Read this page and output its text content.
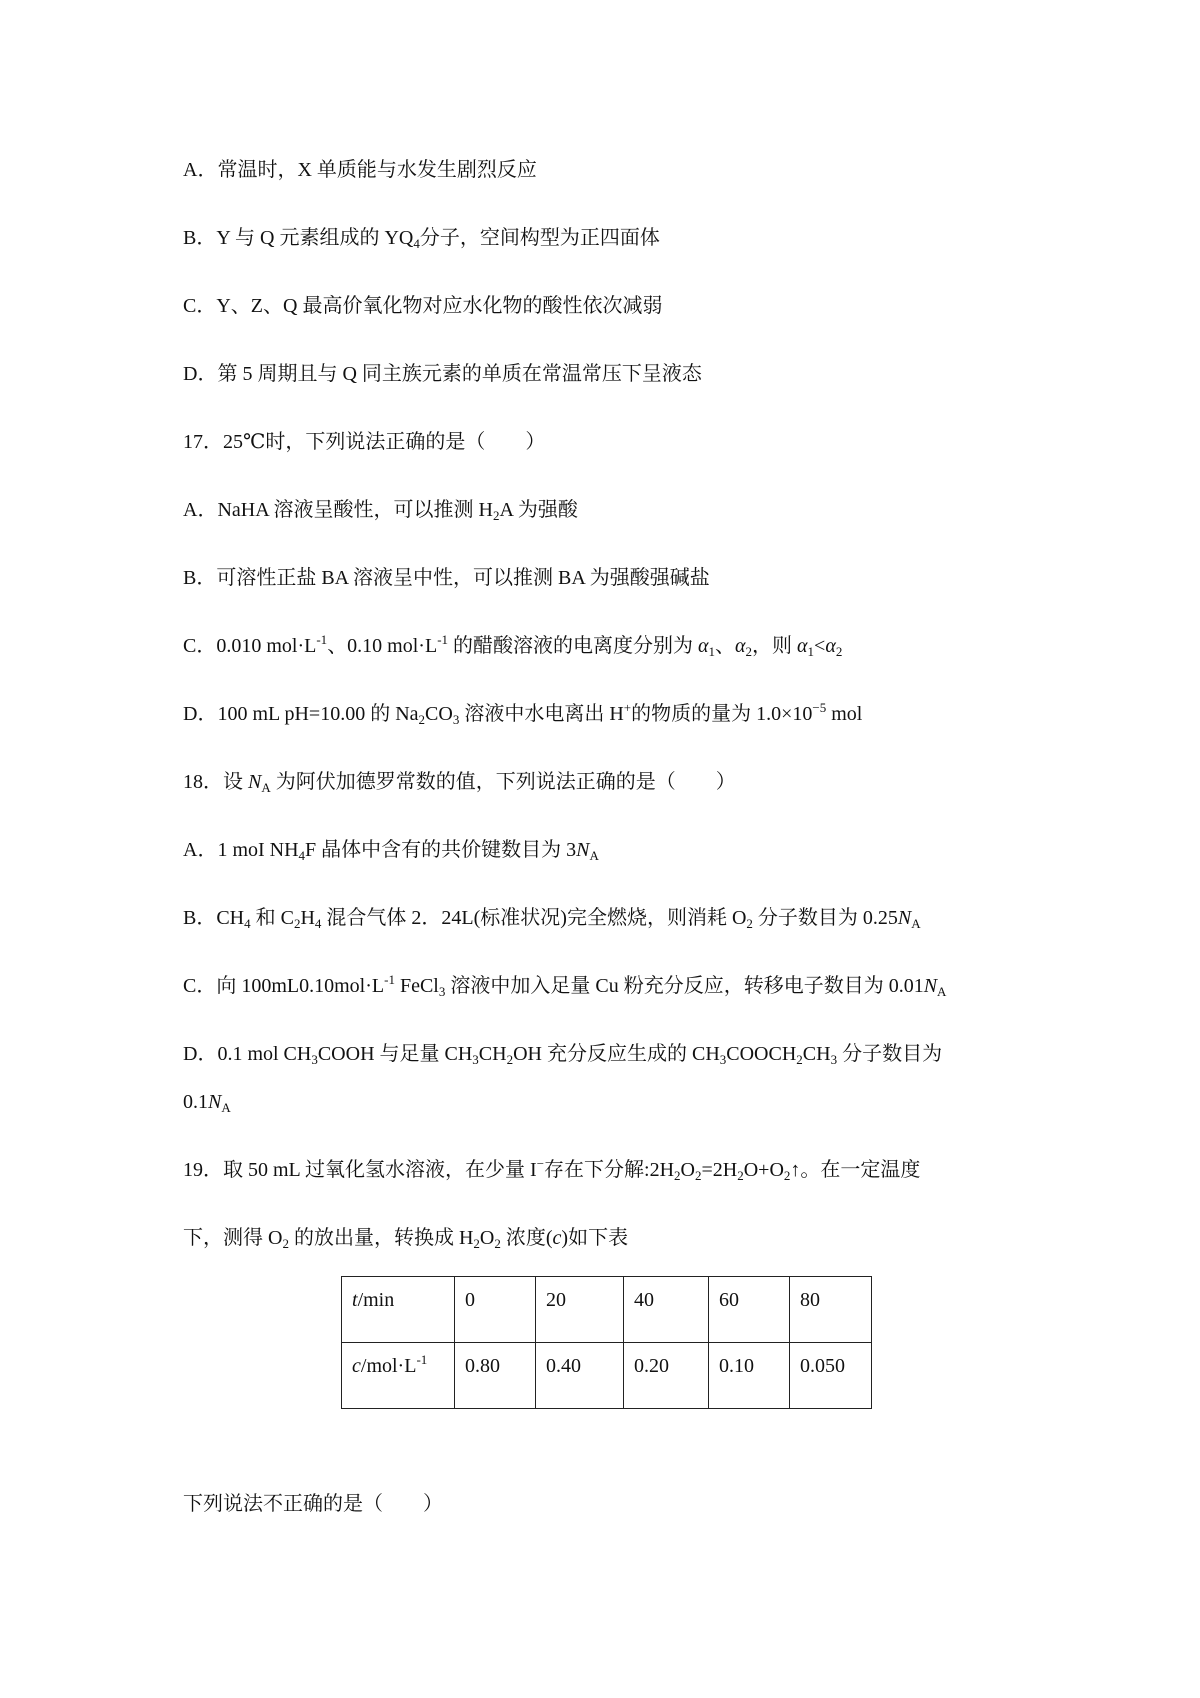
A．常温时，X 单质能与水发生剧烈反应
B．Y 与 Q 元素组成的 $YQ_4$分子，空间构型为正四面体
C．Y、Z、Q 最高价氧化物对应水化物的酸性依次减弱
D．第 5 周期且与 Q 同主族元素的单质在常温常压下呈液态
17．25℃时，下列说法正确的是（　　）
A．NaHA 溶液呈酸性，可以推测 $H_2A$ 为强酸
B．可溶性正盐 BA 溶液呈中性，可以推测 BA 为强酸强碱盐
C．0.010 $mol\cdot L^{-1}$、0.10 $mol\cdot L^{-1}$ 的醋酸溶液的电离度分别为 $\alpha_1$、$\alpha_2$，则 $\alpha_1<\alpha_2$
D．100 mL pH=10.00 的 $Na_2CO_3$ 溶液中水电离出 H+的物质的量为 $1.0\times 10^{-5}$ mol
18．设 $N_A$ 为阿伏加德罗常数的值，下列说法正确的是（　　）
A．1 moI $NH_4F$ 晶体中含有的共价键数目为 $3N_A$
B．$CH_4$ 和 $C_2H_4$ 混合气体 2．24L(标准状况)完全燃烧，则消耗 $O_2$ 分子数目为 $0.25N_A$
C．向 $100mL0.10mol\cdot L^{-1}$ FeCl$_3$ 溶液中加入足量 Cu 粉充分反应，转移电子数目为 $0.01N_A$
D．0.1 mol $CH_3COOH$ 与足量 $CH_3CH_2OH$ 充分反应生成的 $CH_3COOCH_2CH_3$ 分子数目为
$0.1N_A$
19．取 50 mL 过氧化氢水溶液，在少量 I−存在下分解$:2H_2O_2=2H_2O+O_2↑$。在一定温度
下，测得 $O_2$ 的放出量，转换成 $H_2O_2$ 浓度(c)如下表
t/min	0	20	40	60	80
$c/mol\cdot L^{-1}$	0.80	0.40	0.20	0.10	0.050
下列说法不正确的是（　　）
